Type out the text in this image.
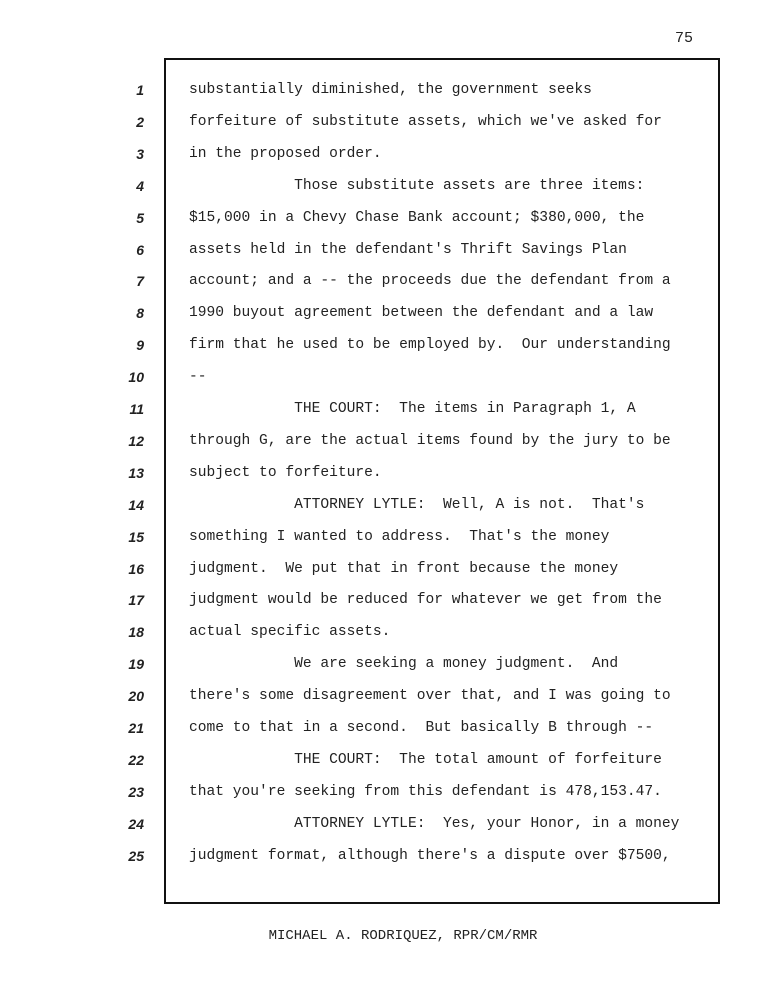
75
1	substantially diminished, the government seeks
2	forfeiture of substitute assets, which we've asked for
3	in the proposed order.
4	Those substitute assets are three items:
5	$15,000 in a Chevy Chase Bank account; $380,000, the
6	assets held in the defendant's Thrift Savings Plan
7	account; and a -- the proceeds due the defendant from a
8	1990 buyout agreement between the defendant and a law
9	firm that he used to be employed by.  Our understanding
10	--
11	THE COURT:  The items in Paragraph 1, A
12	through G, are the actual items found by the jury to be
13	subject to forfeiture.
14	ATTORNEY LYTLE:  Well, A is not.  That's
15	something I wanted to address.  That's the money
16	judgment.  We put that in front because the money
17	judgment would be reduced for whatever we get from the
18	actual specific assets.
19	We are seeking a money judgment.  And
20	there's some disagreement over that, and I was going to
21	come to that in a second.  But basically B through --
22	THE COURT:  The total amount of forfeiture
23	that you're seeking from this defendant is 478,153.47.
24	ATTORNEY LYTLE:  Yes, your Honor, in a money
25	judgment format, although there's a dispute over $7500,
MICHAEL A. RODRIQUEZ, RPR/CM/RMR
